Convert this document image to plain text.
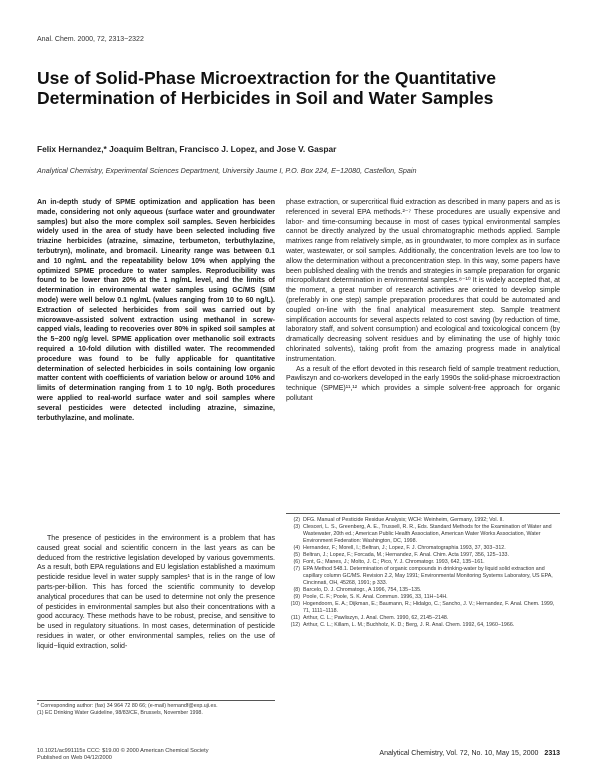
Anal. Chem. 2000, 72, 2313−2322
Use of Solid-Phase Microextraction for the Quantitative Determination of Herbicides in Soil and Water Samples
Felix Hernandez,* Joaquim Beltran, Francisco J. Lopez, and Jose V. Gaspar
Analytical Chemistry, Experimental Sciences Department, University Jaume I, P.O. Box 224, E−12080, Castellon, Spain

An in-depth study of SPME optimization and application has been made, considering not only aqueous (surface water and groundwater samples) but also the more complex soil samples. Seven herbicides widely used in the area of study have been selected including five triazine herbicides (atrazine, simazine, terbumeton, terbuthylazine, terbutryn), molinate, and bromacil. Linearity range was between 0.1 and 10 ng/mL and the repeatability below 10% when applying the optimized SPME procedure to water samples. Reproducibility was found to be lower than 20% at the 1 ng/mL level, and the limits of determination in environmental water samples using GC/MS (SIM mode) were well below 0.1 ng/mL (values ranging from 10 to 60 ng/L). Extraction of selected herbicides from soil was carried out by microwave-assisted solvent extraction using methanol in screw-capped vials, leading to recoveries over 80% in spiked soil samples at the 5−200 ng/g level. SPME application over methanolic soil extracts required a 10-fold dilution with distilled water. The recommended procedure was found to be fully applicable for quantitative determination of selected herbicides in soils containing low organic matter content with coefficients of variation below or around 10% and limits of determination ranging from 1 to 10 ng/g. Both procedures were applied to real-world surface water and soil samples where several pesticides were detected including atrazine, simazine, terbuthylazine, and molinate.

The presence of pesticides in the environment is a problem that has caused great social and scientific concern in the last years as can be deduced from the restrictive legislation developed by various governments. As a result, both EPA regulations and EU legislation established a maximum pesticide residue level in water supply samples¹ that is in the range of low parts-per-billion. This has forced the scientific community to develop analytical procedures that can be used to determine not only the presence of pesticides in environmental samples but also their concentrations with a good accuracy. These methods have to be robust, precise, and sensitive to be used in regulatory situations. In most cases, determination of pesticide residues in water, or other environmental samples, relies on the use of liquid−liquid extraction, solid-

* Corresponding author: (fax) 34 964 72 80 66; (e-mail) hernandf@exp.uji.es.

(1) EC Drinking Water Guideline, 98/83/CE, Brussels, November 1998.

phase extraction, or supercritical fluid extraction as described in many papers and as is referenced in several EPA methods.²⁻⁷ These procedures are usually expensive and labor- and time-consuming because in most of cases typical environmental samples cannot be directly analyzed by the usual chromatographic methods applied. Sample matrixes range from relatively simple, as in groundwater, to more complex as in surface water, wastewater, or soil samples. Additionally, the concentration levels are too low to allow the determination without a preconcentration step. In this way, some papers have been published dealing with the trends and strategies in sample preparation for organic micropollutant determination in environmental samples.⁸⁻¹⁰ It is widely accepted that, at the moment, a great number of research activities are oriented to develop simple (preferably in one step) sample preparation procedures that could be automated and coupled on-line with the final analytical measurement step. Sample treatment simplification accounts for several aspects related to cost saving (by reduction of time, laboratory staff, and solvent consumption) and ecological and toxicological concern (by dramatically decreasing solvent residues and by eliminating the use of highly toxic chlorinated solvents), taking profit from the amazing progress made in analytical instrumentation.

As a result of the effort devoted in this research field of sample treatment reduction, Pawliszyn and co-workers developed in the early 1990s the solid-phase microextraction technique (SPME)¹¹,¹² which provides a simple solvent-free approach for organic pollutant

(2) DFG. Manual of Pesticide Residue Analysis; WCH: Weinheim, Germany, 1992; Vol. II.
(3) Clesceri, L. S., Greenberg, A. E., Trussell, R. R., Eds. Standard Methods for the Examination of Water and Wastewater, 20th ed.; American Public Health Association, American Water Works Association, Water Environment Federation: Washington, DC, 1998.
(4) Hernandez, F.; Morell, I.; Beltran, J.; Lopez, F. J. Chromatographia 1993, 37, 303−312.
(5) Beltran, J.; Lopez, F.; Forcada, M.; Hernandez, F. Anal. Chim. Acta 1997, 356, 125−133.
(6) Font, G.; Manes, J.; Molto, J. C.; Pico, Y. J. Chromatogr. 1993, 642, 135−161.
(7) EPA Method 548.1. Determination of organic compounds in drinking-water by liquid solid extraction and capillary column GC/MS. Revision 2.2, May 1991; Environmental Monitoring Systems Laboratory, US EPA, Cincinnati, OH, 45268, 1991; p 333.
(8) Barcelo, D. J. Chromatogr., A 1996, 754, 135−135.
(9) Poole, C. F.; Poole, S. K. Anal. Commun. 1996, 33, 11H−14H.
(10) Hogendoorn, E. A.; Dijkman, E.; Baumann, R.; Hidalgo, C.; Sancho, J. V.; Hernandez, F. Anal. Chem. 1999, 71, 1111−1118.
(11) Arthur, C. L.; Pawliszyn, J. Anal. Chem. 1990, 62, 2145−2148.
(12) Arthur, C. L.; Killam, L. M.; Buchholz, K. D.; Berg, J. R. Anal. Chem. 1992, 64, 1960−1966.
10.1021/ac991115s CCC: $19.00 © 2000 American Chemical Society
Published on Web 04/12/2000
Analytical Chemistry, Vol. 72, No. 10, May 15, 2000 2313
